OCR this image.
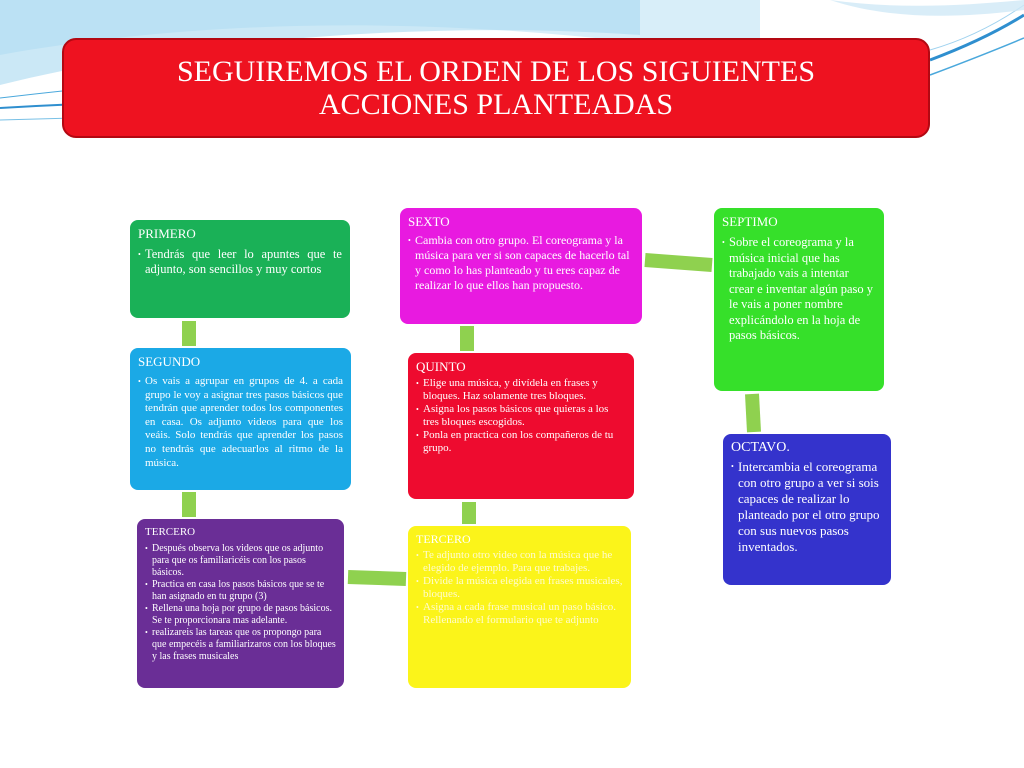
SEGUIREMOS EL ORDEN DE LOS SIGUIENTES
ACCIONES PLANTEADAS
PRIMERO
• Tendrás que leer lo apuntes que te adjunto, son sencillos y muy cortos
SEGUNDO
• Os vais a agrupar en grupos de 4. a cada grupo le voy a asignar tres pasos básicos que tendrán que aprender todos los componentes en casa. Os adjunto videos para que los veáis. Solo tendrás que aprender los pasos no tendrás que adecuarlos al ritmo de la música.
TERCERO
• Después observa los videos que os adjunto para que os familiaricéis con los pasos básicos.
• Practica en casa los pasos básicos que se te han asignado en tu grupo (3)
• Rellena una hoja por grupo de pasos básicos. Se te proporcionara mas adelante.
• realizareis las tareas que os propongo para que empecéis a familiarizaros con los bloques y las frases musicales
SEXTO
• Cambia con otro grupo. El coreograma y la música para ver si son capaces de hacerlo tal y como lo has planteado y tu eres capaz de realizar lo que ellos han propuesto.
QUINTO
• Elige una música, y divídela en frases y bloques. Haz solamente tres bloques.
• Asigna los pasos básicos que quieras a los tres bloques escogidos.
• Ponla en practica con los compañeros de tu grupo.
TERCERO
• Te adjunto otro video con la música que he elegido de ejemplo. Para que trabajes.
• Divide la música elegida en frases musicales, bloques.
• Asigna a cada frase musical un paso básico. Rellenando el formulario que te adjunto
SEPTIMO
• Sobre el coreograma y la música inicial que has trabajado vais a intentar crear e inventar algún paso y le vais a poner nombre explicándolo en la hoja de pasos básicos.
OCTAVO.
• Intercambia el coreograma con otro grupo a ver si sois capaces de realizar lo planteado por el otro grupo con sus nuevos pasos inventados.
